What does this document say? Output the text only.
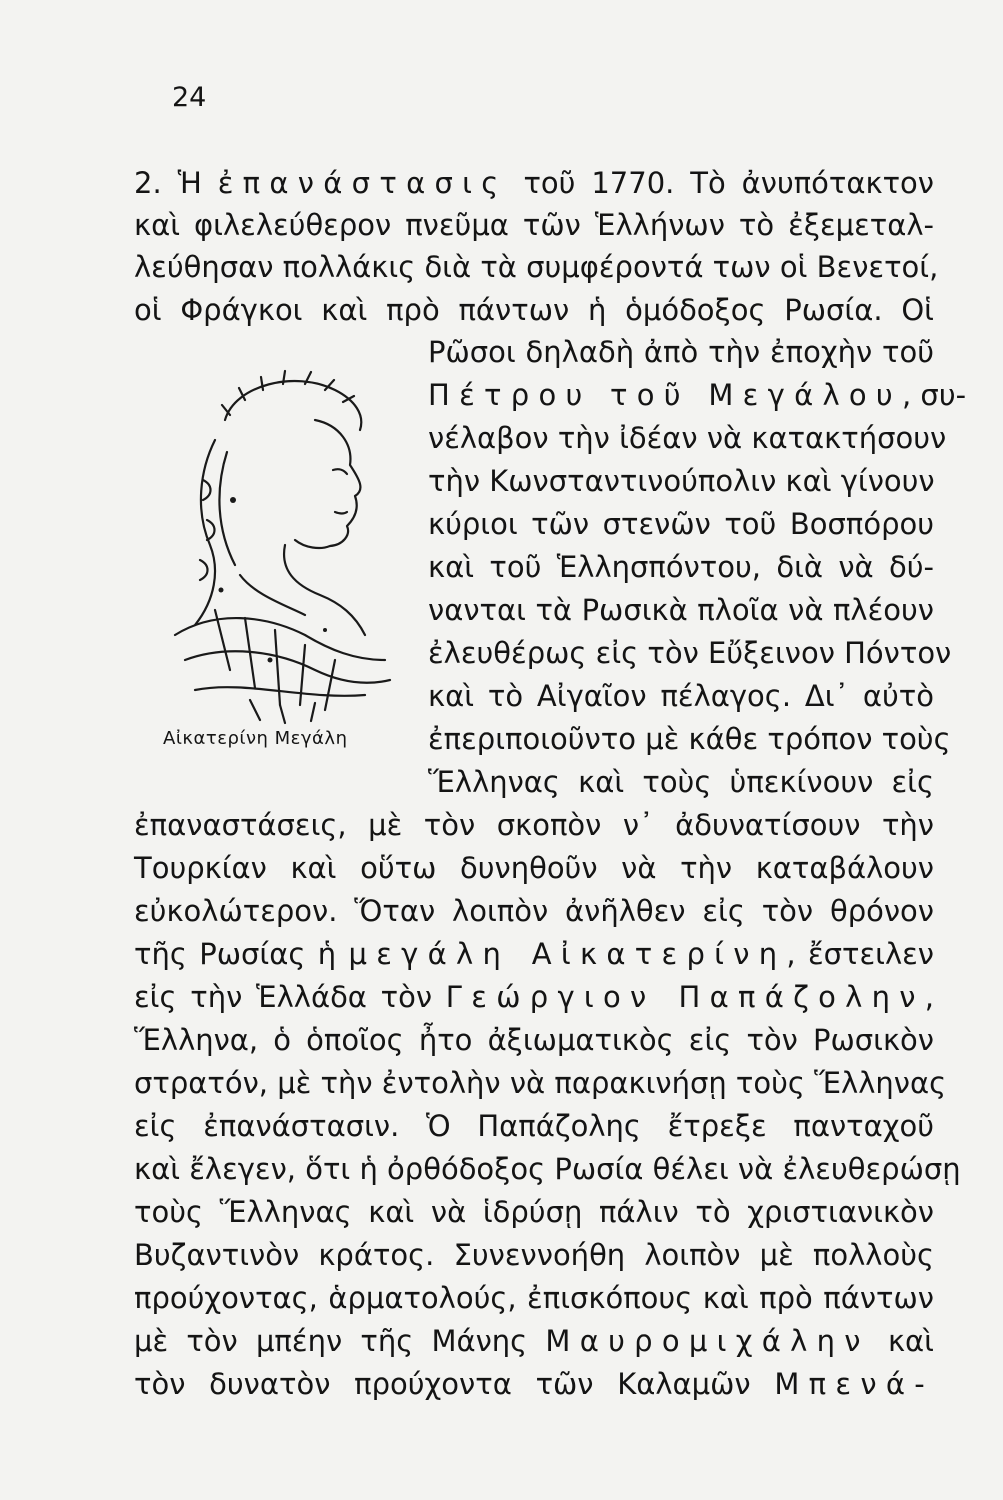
24
2. Ἡ ἐπανάστασις τοῦ 1770. Τὸ ἀνυπότακτον
καὶ φιλελεύθερον πνεῦμα τῶν Ἑλλήνων τὸ ἐξεμεταλ-
λεύθησαν πολλάκις διὰ τὰ συμφέροντά των οἱ Βενετοί,
οἱ Φράγκοι καὶ πρὸ πάντων ἡ ὁμόδοξος Ρωσία. Οἱ
Ρῶσοι δηλαδὴ ἀπὸ τὴν ἐποχὴν τοῦ
Πέτρου τοῦ Μεγάλου, συ-
νέλαβον τὴν ἰδέαν νὰ κατακτήσουν
τὴν Κωνσταντινούπολιν καὶ γίνουν
κύριοι τῶν στενῶν τοῦ Βοσπόρου
καὶ τοῦ Ἑλλησπόντου, διὰ νὰ δύ-
νανται τὰ Ρωσικὰ πλοῖα νὰ πλέουν
ἐλευθέρως εἰς τὸν Εὔξεινον Πόντον
καὶ τὸ Αἰγαῖον πέλαγος. Δι᾽ αὐτὸ
ἐπεριποιοῦντο μὲ κάθε τρόπον τοὺς
Ἕλληνας καὶ τοὺς ὑπεκίνουν εἰς
Αἰκατερίνη Μεγάλη
ἐπαναστάσεις, μὲ τὸν σκοπὸν ν᾽ ἀδυνατίσουν τὴν
Τουρκίαν καὶ οὕτω δυνηθοῦν νὰ τὴν καταβάλουν
εὐκολώτερον. Ὅταν λοιπὸν ἀνῆλθεν εἰς τὸν θρόνον
τῆς Ρωσίας ἡ μεγάλη Αἰκατερίνη, ἔστειλεν
εἰς τὴν Ἑλλάδα τὸν Γεώργιον Παπάζολην,
Ἕλληνα, ὁ ὁποῖος ἦτο ἀξιωματικὸς εἰς τὸν Ρωσικὸν
στρατόν, μὲ τὴν ἐντολὴν νὰ παρακινήσῃ τοὺς Ἕλληνας
εἰς ἐπανάστασιν. Ὁ Παπάζολης ἔτρεξε πανταχοῦ
καὶ ἔλεγεν, ὅτι ἡ ὀρθόδοξος Ρωσία θέλει νὰ ἐλευθερώσῃ
τοὺς Ἕλληνας καὶ νὰ ἱδρύσῃ πάλιν τὸ χριστιανικὸν
Βυζαντινὸν κράτος. Συνεννοήθη λοιπὸν μὲ πολλοὺς
προύχοντας, ἁρματολούς, ἐπισκόπους καὶ πρὸ πάντων
μὲ τὸν μπέην τῆς Μάνης Μαυρομιχάλην καὶ
τὸν δυνατὸν προύχοντα τῶν Καλαμῶν Μπενά-
